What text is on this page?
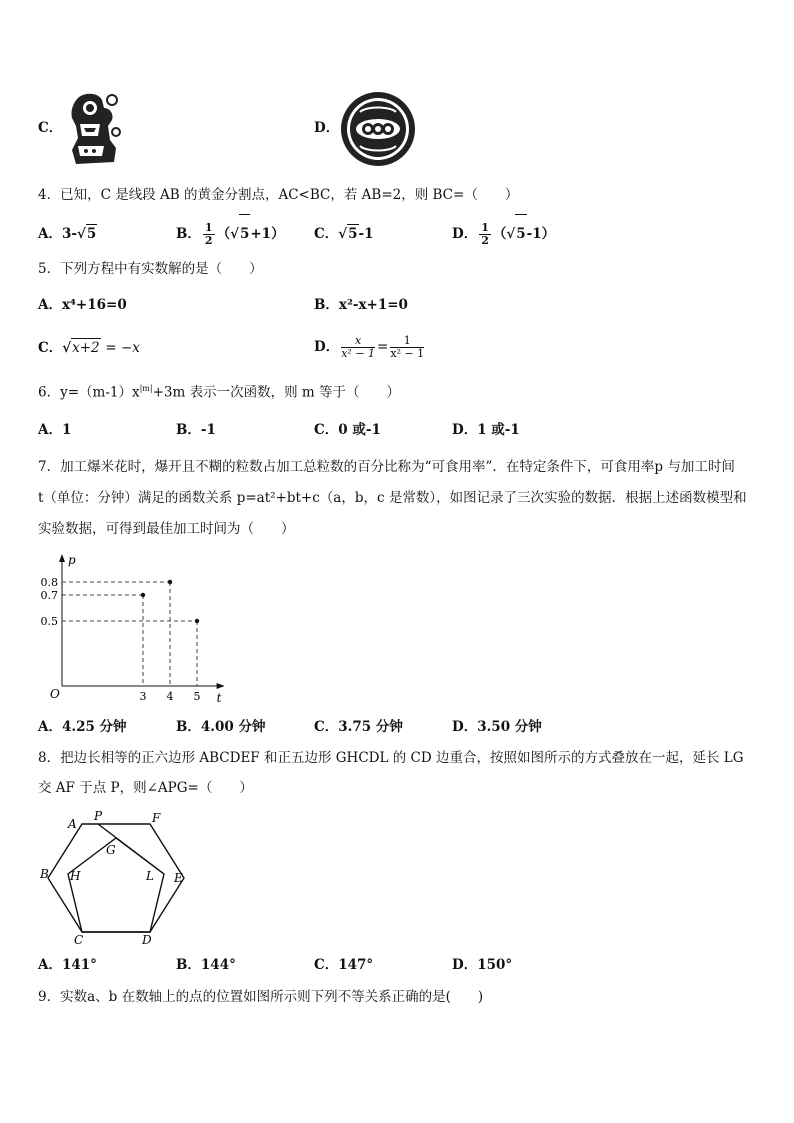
C．	D．
4．已知，C 是线段 AB 的黄金分割点，AC<BC，若 AB=2，则 BC=（　　）
A．3-√5	B． $\frac{1}{2} (√5+1)$ C．√5-1	D． $\frac{1}{2} (√5-1)$
5．下列方程中有实数解的是（　　）
A．x⁴+16=0	B．x²-x+1=0
C．√x+2 = −x	D． $\frac{x}{\text{x² − 1}} = \frac{1}{\text{x² − 1}}$
6．$y=(m-1)x^{|m|}+3m$ 表示一次函数，则 m 等于（　　）
A．1	B．-1	C．0 或-1	D．1 或-1
7．加工爆米花时，爆开且不糊的粒数占加工总粒数的百分比称为“可食用率”．在特定条件下，可食用率p 与加工时间
t（单位：分钟）满足的函数关系 p=at²+bt+c（a，b，c 是常数），如图记录了三次实验的数据．根据上述函数模型和
实验数据，可得到最佳加工时间为（　　）
0.8
0.7
0.5
3 4 5 t
p
O
A．4.25 分钟	B．4.00 分钟	C．3.75 分钟	D．3.50 分钟
8．把边长相等的正六边形 ABCDEF 和正五边形 GHCDL 的 CD 边重合，按照如图所示的方式叠放在一起，延长 LG
交 AF 于点 P，则∠APG=（　　）
A
P	F
G
B H	L E
C	D
A．141°	B．144°	C．147°	D．150°
9．实数a、b 在数轴上的点的位置如图所示则下列不等关系正确的是(　　)
